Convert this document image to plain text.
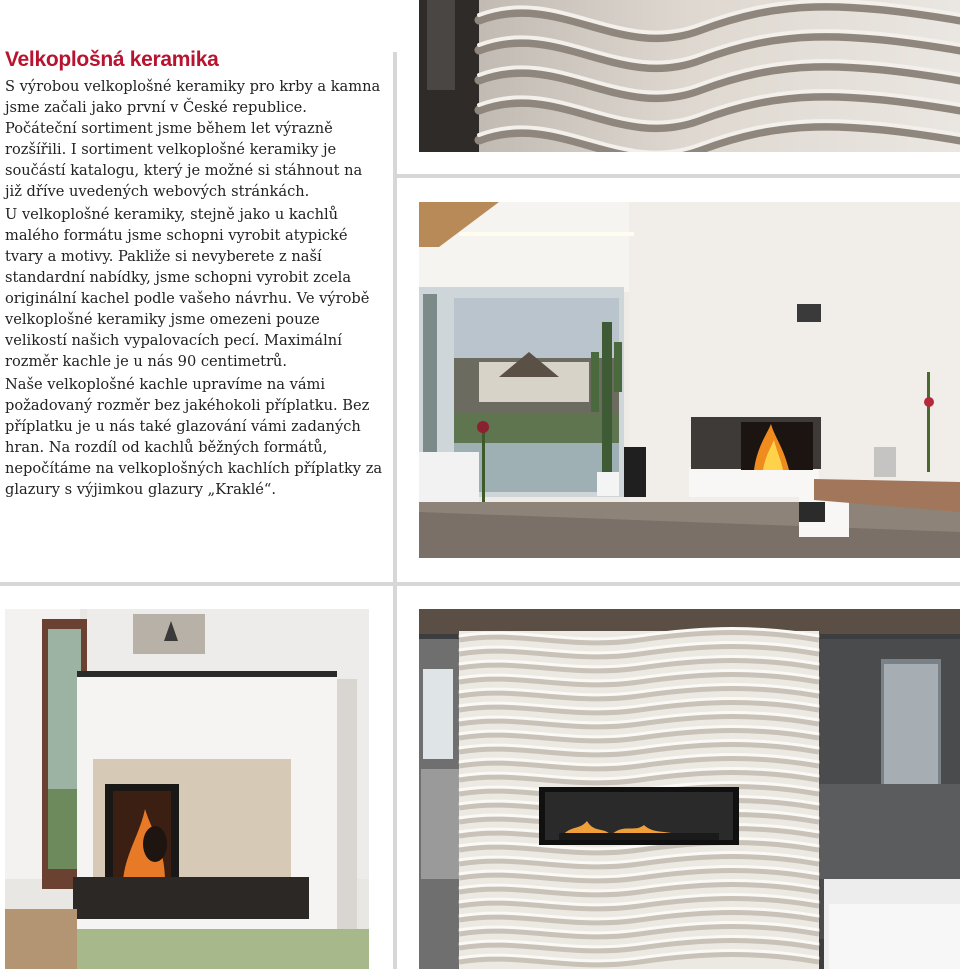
Velkoplošná keramika

S výrobou velkoplošné keramiky pro krby a kamna jsme začali jako první v České republice. Počáteční sortiment jsme během let výrazně rozšířili. I sortiment velkoplošné keramiky je součástí katalogu, který je možné si stáhnout na již dříve uvedených webových stránkách.

U velkoplošné keramiky, stejně jako u kachlů malého formátu jsme schopni vyrobit atypické tvary a motivy. Pakliže si nevyberete z naší standardní nabídky, jsme schopni vyrobit zcela originální kachel podle vašeho návrhu. Ve výrobě velkoplošné keramiky jsme omezeni pouze velikostí našich vypalovacích pecí. Maximální rozměr kachle je u nás 90 centimetrů.

Naše velkoplošné kachle upravíme na vámi požadovaný rozměr bez jakéhokoli příplatku. Bez příplatku je u nás také glazování vámi zadaných hran. Na rozdíl od kachlů běžných formátů, nepočítáme na velkoplošných kachlích příplatky za glazury s výjimkou glazury „Kraklé“.
